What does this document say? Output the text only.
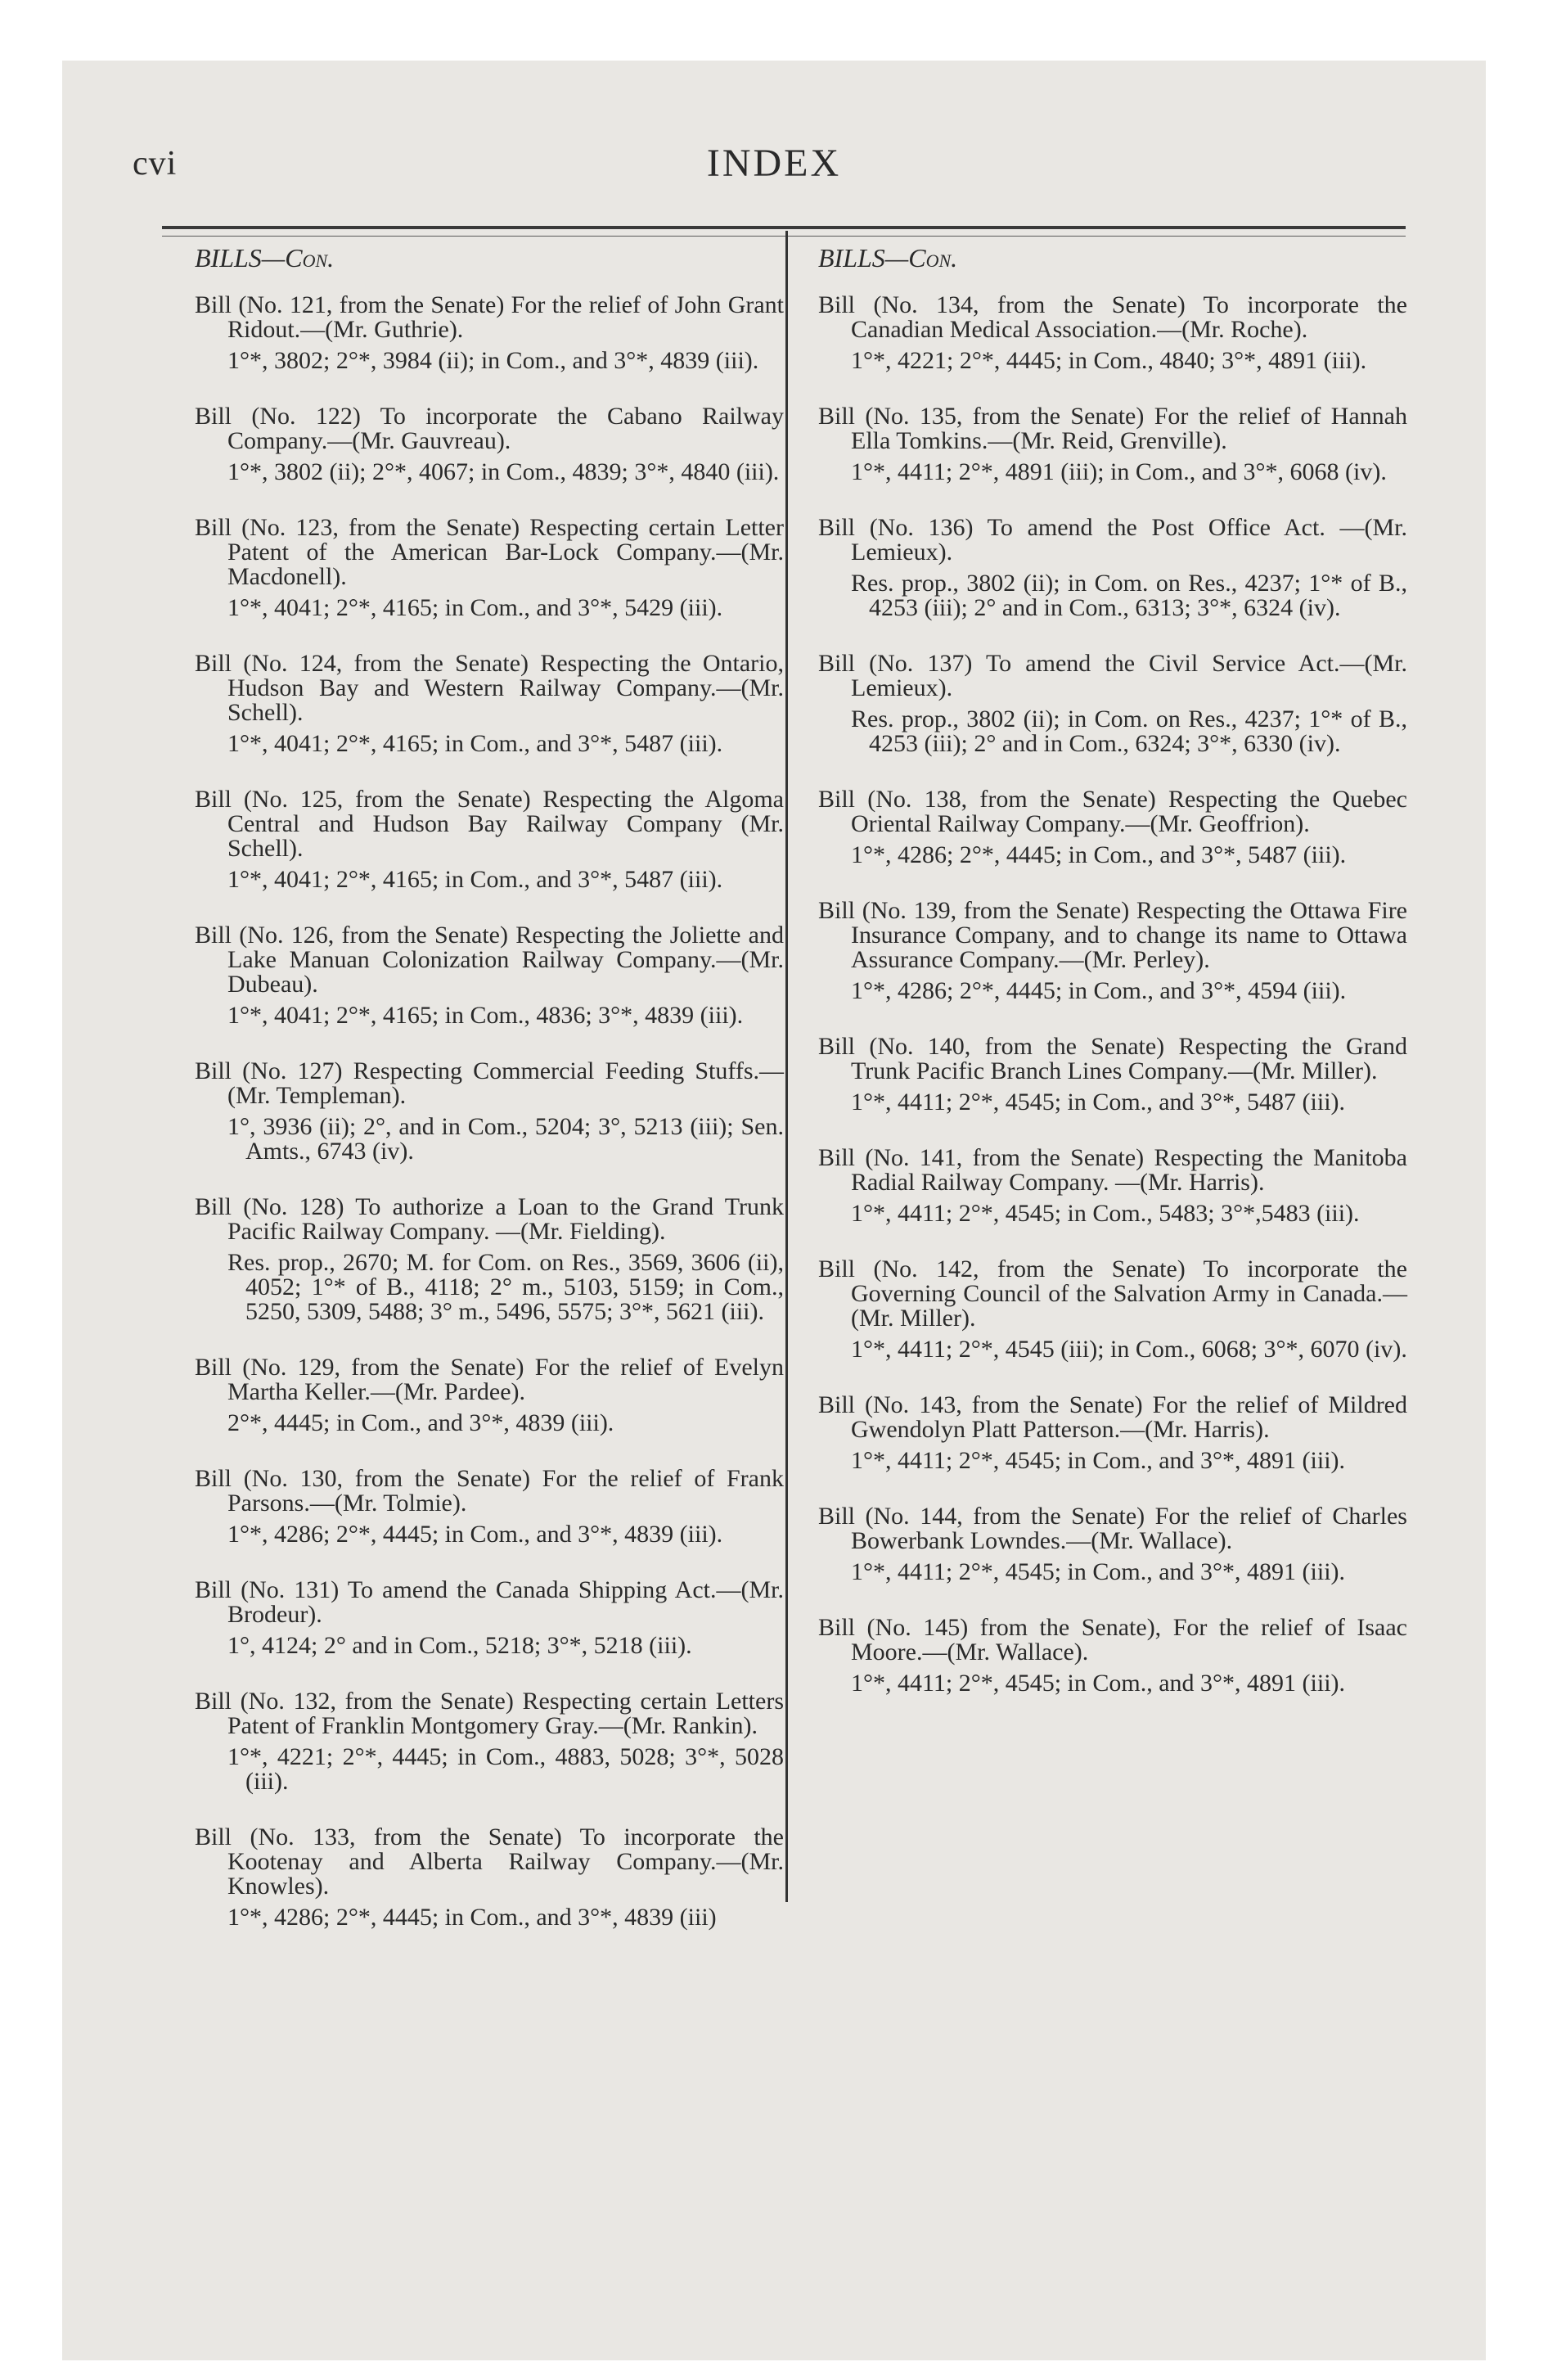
cvi	INDEX
BILLS—Con.

Bill (No. 121, from the Senate) For the relief of John Grant Ridout.—(Mr. Guthrie).

1°*, 3802; 2°*, 3984 (ii); in Com., and 3°*, 4839 (iii).

Bill (No. 122) To incorporate the Cabano Railway Company.—(Mr. Gauvreau).

1°*, 3802 (ii); 2°*, 4067; in Com., 4839; 3°*, 4840 (iii).

Bill (No. 123, from the Senate) Respecting certain Letter Patent of the American Bar-Lock Company.—(Mr. Macdonell).

1°*, 4041; 2°*, 4165; in Com., and 3°*, 5429 (iii).

Bill (No. 124, from the Senate) Respecting the Ontario, Hudson Bay and Western Railway Company.—(Mr. Schell).

1°*, 4041; 2°*, 4165; in Com., and 3°*, 5487 (iii).

Bill (No. 125, from the Senate) Respecting the Algoma Central and Hudson Bay Railway Company (Mr. Schell).

1°*, 4041; 2°*, 4165; in Com., and 3°*, 5487 (iii).

Bill (No. 126, from the Senate) Respecting the Joliette and Lake Manuan Colonization Railway Company.—(Mr. Dubeau).

1°*, 4041; 2°*, 4165; in Com., 4836; 3°*, 4839 (iii).

Bill (No. 127) Respecting Commercial Feeding Stuffs.—(Mr. Templeman).

1°, 3936 (ii); 2°, and in Com., 5204; 3°, 5213 (iii); Sen. Amts., 6743 (iv).

Bill (No. 128) To authorize a Loan to the Grand Trunk Pacific Railway Company. —(Mr. Fielding).

Res. prop., 2670; M. for Com. on Res., 3569, 3606 (ii), 4052; 1°* of B., 4118; 2° m., 5103, 5159; in Com., 5250, 5309, 5488; 3° m., 5496, 5575; 3°*, 5621 (iii).

Bill (No. 129, from the Senate) For the relief of Evelyn Martha Keller.—(Mr. Pardee).

2°*, 4445; in Com., and 3°*, 4839 (iii).

Bill (No. 130, from the Senate) For the relief of Frank Parsons.—(Mr. Tolmie).

1°*, 4286; 2°*, 4445; in Com., and 3°*, 4839 (iii).

Bill (No. 131) To amend the Canada Shipping Act.—(Mr. Brodeur).

1°, 4124; 2° and in Com., 5218; 3°*, 5218 (iii).

Bill (No. 132, from the Senate) Respecting certain Letters Patent of Franklin Montgomery Gray.—(Mr. Rankin).

1°*, 4221; 2°*, 4445; in Com., 4883, 5028; 3°*, 5028 (iii).

Bill (No. 133, from the Senate) To incorporate the Kootenay and Alberta Railway Company.—(Mr. Knowles).

1°*, 4286; 2°*, 4445; in Com., and 3°*, 4839 (iii)

BILLS—Con.

Bill (No. 134, from the Senate) To incorporate the Canadian Medical Association.—(Mr. Roche).

1°*, 4221; 2°*, 4445; in Com., 4840; 3°*, 4891 (iii).

Bill (No. 135, from the Senate) For the relief of Hannah Ella Tomkins.—(Mr. Reid, Grenville).

1°*, 4411; 2°*, 4891 (iii); in Com., and 3°*, 6068 (iv).

Bill (No. 136) To amend the Post Office Act. —(Mr. Lemieux).

Res. prop., 3802 (ii); in Com. on Res., 4237; 1°* of B., 4253 (iii); 2° and in Com., 6313; 3°*, 6324 (iv).

Bill (No. 137) To amend the Civil Service Act.—(Mr. Lemieux).

Res. prop., 3802 (ii); in Com. on Res., 4237; 1°* of B., 4253 (iii); 2° and in Com., 6324; 3°*, 6330 (iv).

Bill (No. 138, from the Senate) Respecting the Quebec Oriental Railway Company.—(Mr. Geoffrion).

1°*, 4286; 2°*, 4445; in Com., and 3°*, 5487 (iii).

Bill (No. 139, from the Senate) Respecting the Ottawa Fire Insurance Company, and to change its name to Ottawa Assurance Company.—(Mr. Perley).

1°*, 4286; 2°*, 4445; in Com., and 3°*, 4594 (iii).

Bill (No. 140, from the Senate) Respecting the Grand Trunk Pacific Branch Lines Company.—(Mr. Miller).

1°*, 4411; 2°*, 4545; in Com., and 3°*, 5487 (iii).

Bill (No. 141, from the Senate) Respecting the Manitoba Radial Railway Company. —(Mr. Harris).

1°*, 4411; 2°*, 4545; in Com., 5483; 3°*,5483 (iii).

Bill (No. 142, from the Senate) To incorporate the Governing Council of the Salvation Army in Canada.—(Mr. Miller).

1°*, 4411; 2°*, 4545 (iii); in Com., 6068; 3°*, 6070 (iv).

Bill (No. 143, from the Senate) For the relief of Mildred Gwendolyn Platt Patterson.—(Mr. Harris).

1°*, 4411; 2°*, 4545; in Com., and 3°*, 4891 (iii).

Bill (No. 144, from the Senate) For the relief of Charles Bowerbank Lowndes.—(Mr. Wallace).

1°*, 4411; 2°*, 4545; in Com., and 3°*, 4891 (iii).

Bill (No. 145) from the Senate), For the relief of Isaac Moore.—(Mr. Wallace).

1°*, 4411; 2°*, 4545; in Com., and 3°*, 4891 (iii).
